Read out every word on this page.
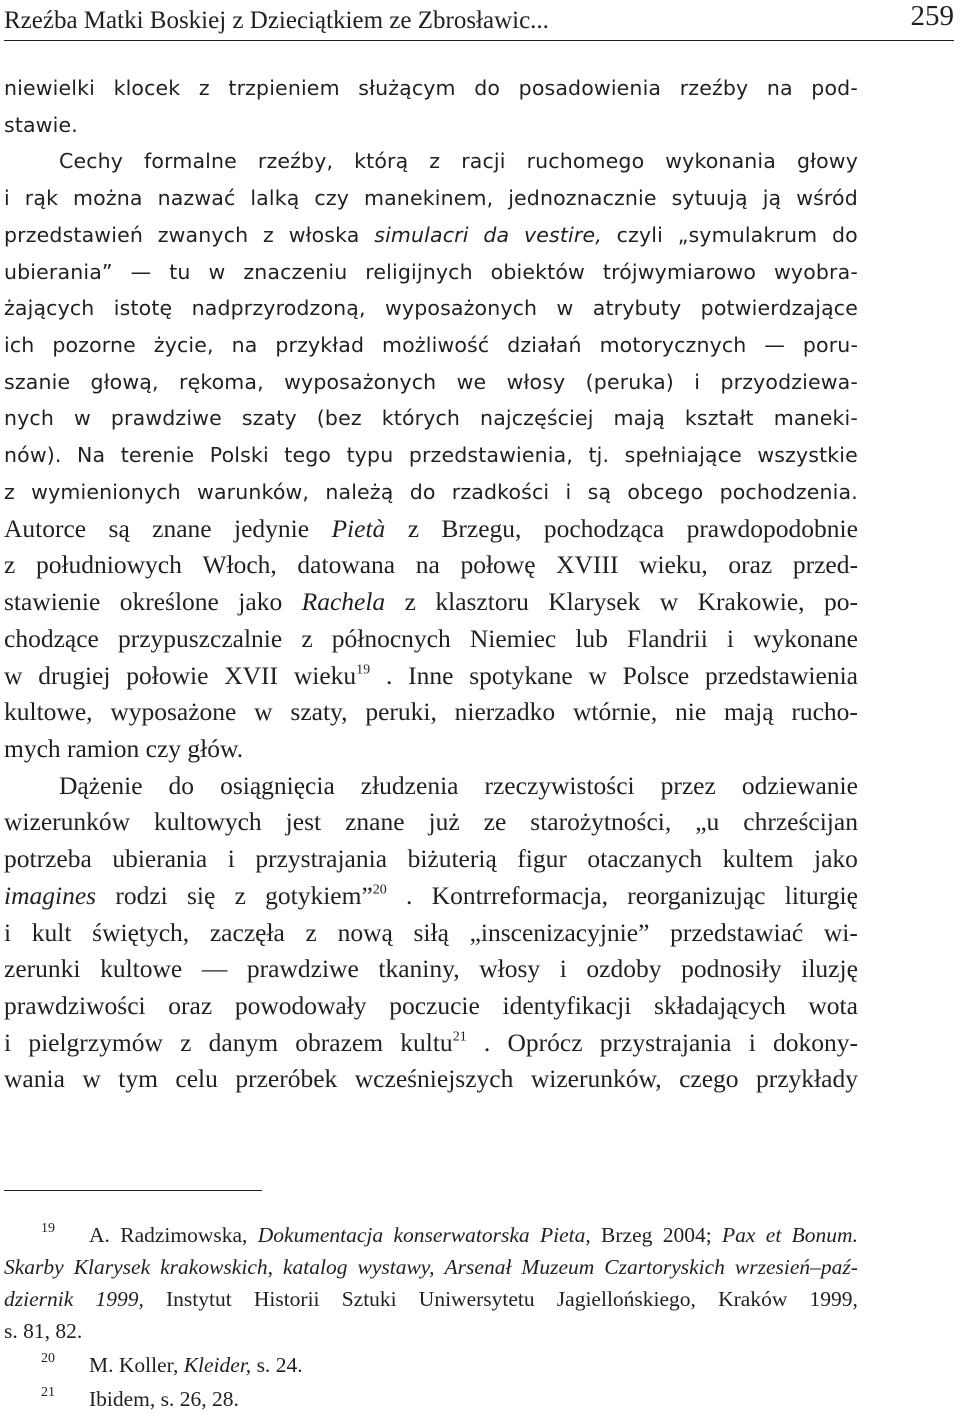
Rzeźba Matki Boskiej z Dzieciątkiem ze Zbrosławic...	259
niewielki klocek z trzpieniem służącym do posadowienia rzeźby na pod-
stawie.
Cechy formalne rzeźby, którą z racji ruchomego wykonania głowy
i rąk można nazwać lalką czy manekinem, jednoznacznie sytuują ją wśród
przedstawień zwanych z włoska simulacri da vestire, czyli „symulakrum do
ubierania” — tu w znaczeniu religijnych obiektów trójwymiarowo wyobra-
żających istotę nadprzyrodzoną, wyposażonych w atrybuty potwierdzające
ich pozorne życie, na przykład możliwość działań motorycznych — poru-
szanie głową, rękoma, wyposażonych we włosy (peruka) i przyodziewa-
nych w prawdziwe szaty (bez których najczęściej mają kształt maneki-
nów). Na terenie Polski tego typu przedstawienia, tj. spełniające wszystkie
z wymienionych warunków, należą do rzadkości i są obcego pochodzenia.
Autorce są znane jedynie Pietà z Brzegu, pochodząca prawdopodobnie
z południowych Włoch, datowana na połowę XVIII wieku, oraz przed-
stawienie określone jako Rachela z klasztoru Klarysek w Krakowie, po-
chodzące przypuszczalnie z północnych Niemiec lub Flandrii i wykonane
w drugiej połowie XVII wieku$^{19}$ . Inne spotykane w Polsce przedstawienia
kultowe, wyposażone w szaty, peruki, nierzadko wtórnie, nie mają rucho-
mych ramion czy głów.
Dążenie do osiągnięcia złudzenia rzeczywistości przez odziewanie
wizerunków kultowych jest znane już ze starożytności, „u chrześcijan
potrzeba ubierania i przystrajania biżuterią figur otaczanych kultem jako
imagines rodzi się z gotykiem”$^{20}$ . Kontrreformacja, reorganizując liturgię
i kult świętych, zaczęła z nową siłą „inscenizacyjnie” przedstawiać wi-
zerunki kultowe — prawdziwe tkaniny, włosy i ozdoby podnosiły iluzję
prawdziwości oraz powodowały poczucie identyfikacji składających wota
i pielgrzymów z danym obrazem kultu$^{21}$ . Oprócz przystrajania i dokony-
wania w tym celu przeróbek wcześniejszych wizerunków, czego przykłady
19	A. Radzimowska, Dokumentacja konserwatorska Pieta, Brzeg 2004; Pax et Bonum.
Skarby Klarysek krakowskich, katalog wystawy, Arsenał Muzeum Czartoryskich wrzesień–paź-
dziernik 1999, Instytut Historii Sztuki Uniwersytetu Jagiellońskiego, Kraków 1999,
s. 81, 82.
20	M. Koller, Kleider, s. 24.
21	Ibidem, s. 26, 28.
